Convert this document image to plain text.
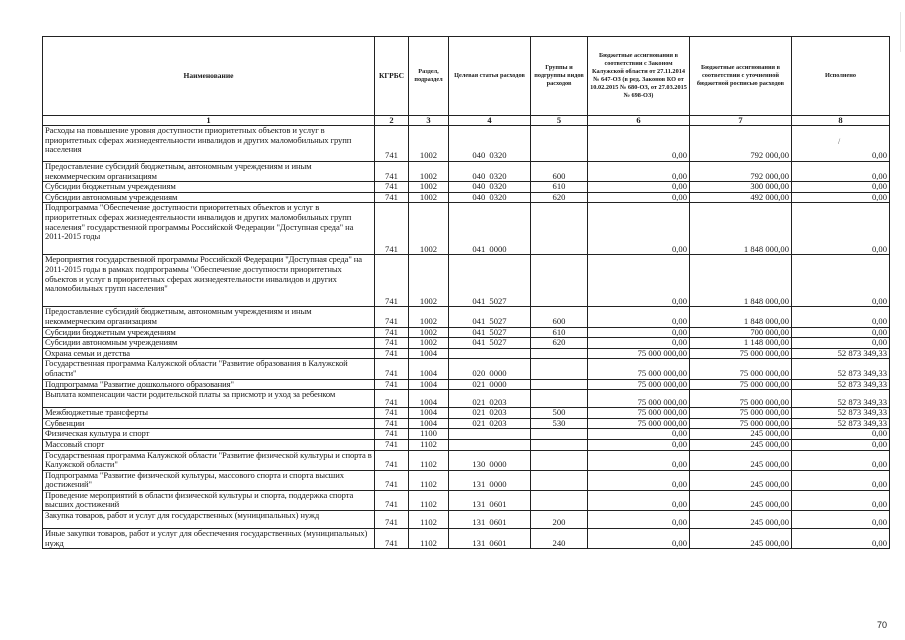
Наименование	КГРБС	Раздел, подраздел	Целевая статья расходов	Группы и подгруппы видов расходов	Бюджетные ассигнования в соответствии с Законом Калужской области от 27.11.2014 № 647-ОЗ (в ред. Законов КО от 10.02.2015 № 680-ОЗ, от 27.03.2015 № 698-ОЗ)	Бюджетные ассигнования в соответствии с уточненной бюджетной росписью расходов	Исполнено
1	2	3	4	5	6	7	8
Расходы на повышение уровня доступности приоритетных объектов и услуг в приоритетных сферах жизнедеятельности инвалидов и других маломобильных групп населения	741	1002	040 0320		0,00	792 000,00	0,00
Предоставление субсидий бюджетным, автономным учреждениям и иным некоммерческим организациям	741	1002	040 0320	600	0,00	792 000,00	0,00
Субсидии бюджетным учреждениям	741	1002	040 0320	610	0,00	300 000,00	0,00
Субсидии автономным учреждениям	741	1002	040 0320	620	0,00	492 000,00	0,00
Подпрограмма "Обеспечение доступности приоритетных объектов и услуг в приоритетных сферах жизнедеятельности инвалидов и других маломобильных групп населения" государственной программы Российской Федерации "Доступная среда" на 2011-2015 годы	741	1002	041 0000		0,00	1 848 000,00	0,00
Мероприятия государственной программы Российской Федерации "Доступная среда" на 2011-2015 годы в рамках подпрограммы "Обеспечение доступности приоритетных объектов и услуг в приоритетных сферах жизнедеятельности инвалидов и других маломобильных групп населения"	741	1002	041 5027		0,00	1 848 000,00	0,00
Предоставление субсидий бюджетным, автономным учреждениям и иным некоммерческим организациям	741	1002	041 5027	600	0,00	1 848 000,00	0,00
Субсидии бюджетным учреждениям	741	1002	041 5027	610	0,00	700 000,00	0,00
Субсидии автономным учреждениям	741	1002	041 5027	620	0,00	1 148 000,00	0,00
Охрана семьи и детства	741	1004			75 000 000,00	75 000 000,00	52 873 349,33
Государственная программа Калужской области "Развитие образования в Калужской области"	741	1004	020 0000		75 000 000,00	75 000 000,00	52 873 349,33
Подпрограмма "Развитие дошкольного образования"	741	1004	021 0000		75 000 000,00	75 000 000,00	52 873 349,33
Выплата компенсации части родительской платы за присмотр и уход за ребенком	741	1004	021 0203		75 000 000,00	75 000 000,00	52 873 349,33
Межбюджетные трансферты	741	1004	021 0203	500	75 000 000,00	75 000 000,00	52 873 349,33
Субвенции	741	1004	021 0203	530	75 000 000,00	75 000 000,00	52 873 349,33
Физическая культура и спорт	741	1100			0,00	245 000,00	0,00
Массовый спорт	741	1102			0,00	245 000,00	0,00
Государственная программа Калужской области "Развитие физической культуры и спорта в Калужской области"	741	1102	130 0000		0,00	245 000,00	0,00
Подпрограмма "Развитие физической культуры, массового спорта и спорта высших достижений"	741	1102	131 0000		0,00	245 000,00	0,00
Проведение мероприятий в области физической культуры и спорта, поддержка спорта высших достижений	741	1102	131 0601		0,00	245 000,00	0,00
Закупка товаров, работ и услуг для государственных (муниципальных) нужд	741	1102	131 0601	200	0,00	245 000,00	0,00
Иные закупки товаров, работ и услуг для обеспечения государственных (муниципальных) нужд	741	1102	131 0601	240	0,00	245 000,00	0,00
/
70
